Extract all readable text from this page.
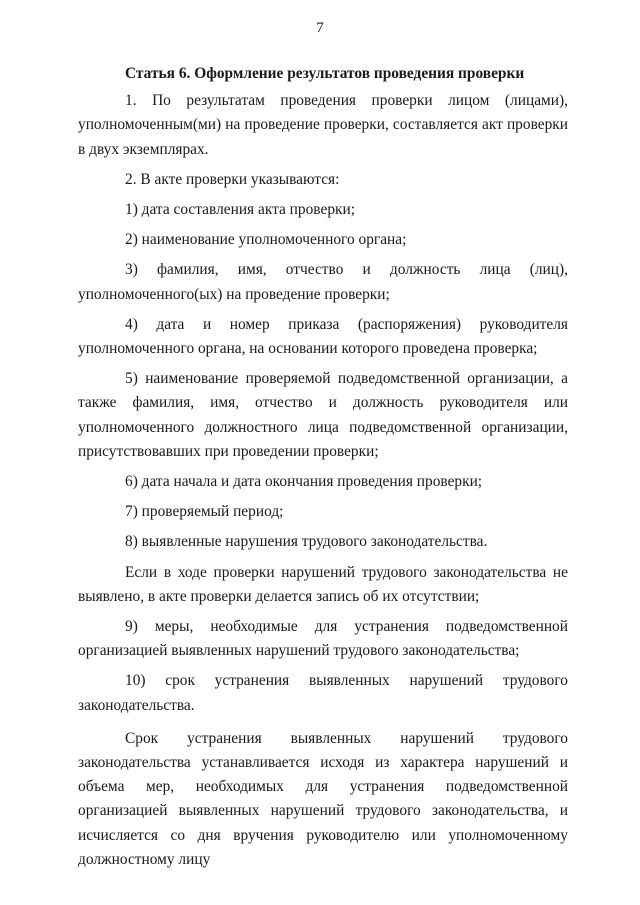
7
Статья 6. Оформление результатов проведения проверки

1. По результатам проведения проверки лицом (лицами), уполномоченным(ми) на проведение проверки, составляется акт проверки в двух экземплярах.

2. В акте проверки указываются:

1) дата составления акта проверки;

2) наименование уполномоченного органа;

3) фамилия, имя, отчество и должность лица (лиц), уполномоченного(ых) на проведение проверки;

4) дата и номер приказа (распоряжения) руководителя уполномоченного органа, на основании которого проведена проверка;

5) наименование проверяемой подведомственной организации, а также фамилия, имя, отчество и должность руководителя или уполномоченного должностного лица подведомственной организации, присутствовавших при проведении проверки;

6) дата начала и дата окончания проведения проверки;

7) проверяемый период;

8) выявленные нарушения трудового законодательства.

Если в ходе проверки нарушений трудового законодательства не выявлено, в акте проверки делается запись об их отсутствии;

9) меры, необходимые для устранения подведомственной организацией выявленных нарушений трудового законодательства;

10) срок устранения выявленных нарушений трудового законодательства.

Срок устранения выявленных нарушений трудового законодательства устанавливается исходя из характера нарушений и объема мер, необходимых для устранения подведомственной организацией выявленных нарушений трудового законодательства, и исчисляется со дня вручения руководителю или уполномоченному должностному лицу
